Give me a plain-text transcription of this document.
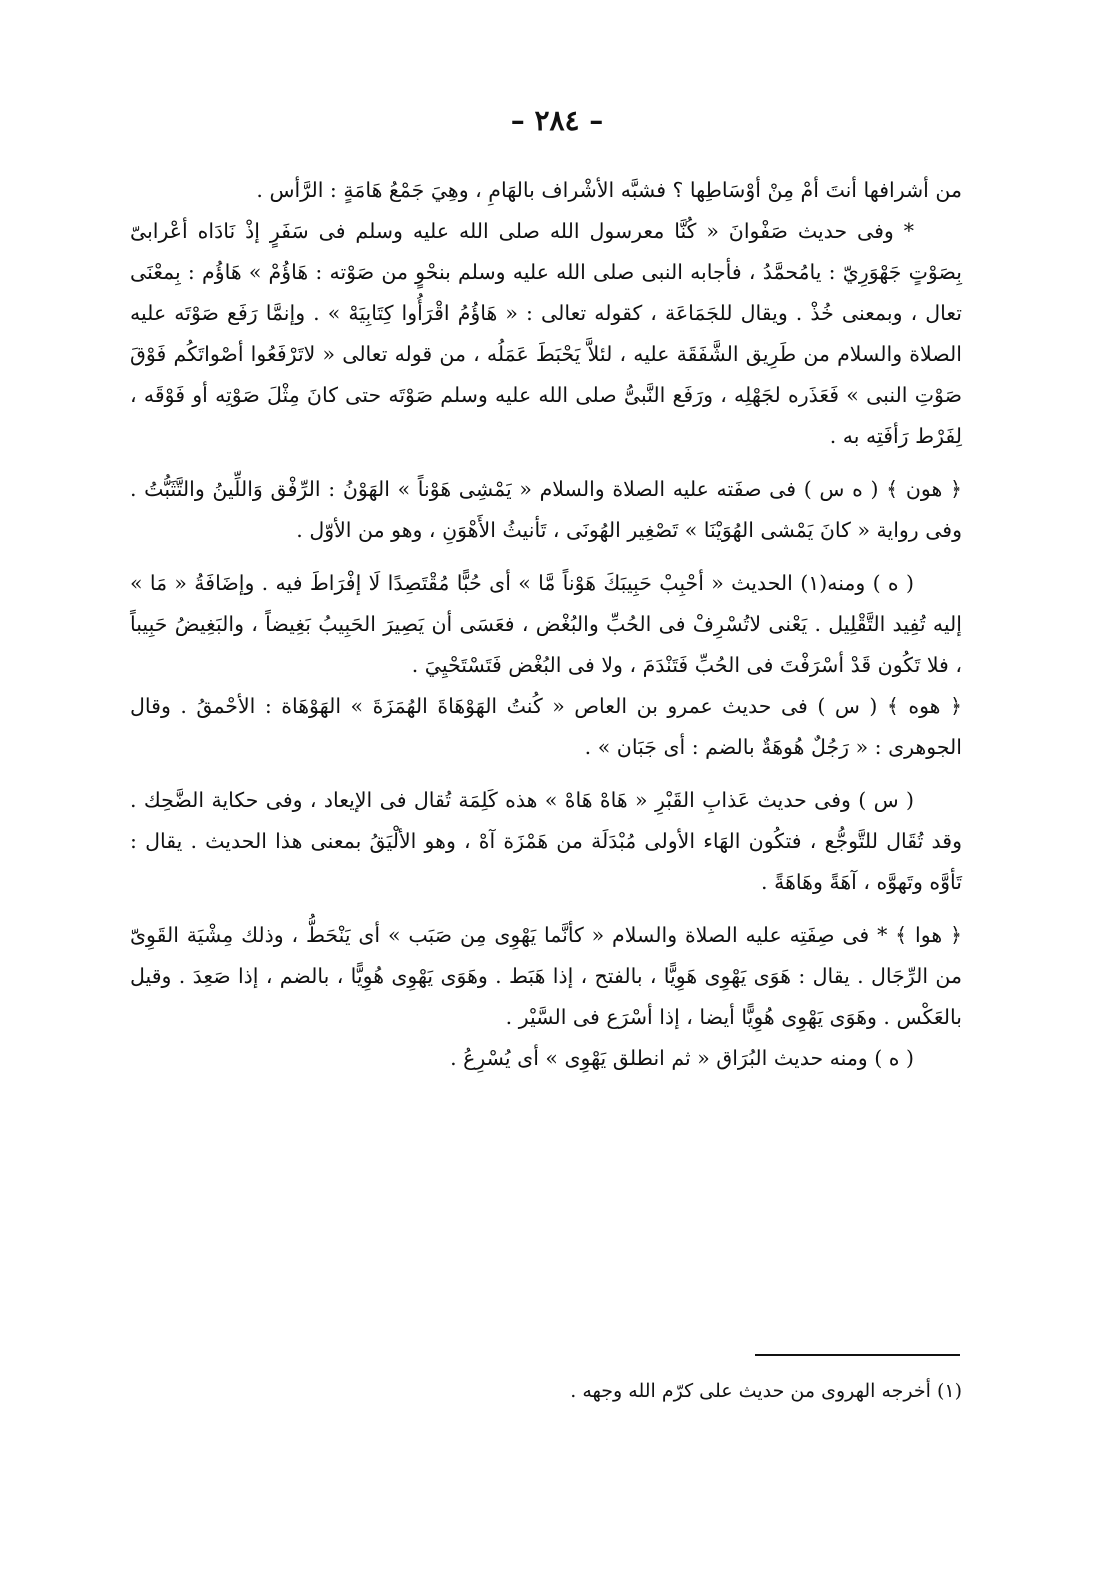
– ٢٨٤ –

من أشرافها أنتَ أمْ مِنْ أوْسَاطِها ؟ فشبَّه الأشْراف بالهَامِ ، وهِيَ جَمْعُ هَامَةٍ : الرَّأس .

* وفى حديث صَفْوانَ « كُنَّا معرسول الله صلى الله عليه وسلم فى سَفَرٍ إذْ نَادَاه أعْرابىّ بِصَوْتٍ جَهْوَرِيّ : يامُحمَّدُ ، فأجابه النبى صلى الله عليه وسلم بنحْوٍ من صَوْته : هَاؤُمْ » هَاؤُم : بِمعْنَى تعال ، وبمعنى خُذْ . ويقال للجَمَاعَة ، كقوله تعالى : « هَاؤُمُ اقْرَأُوا كِتَابِيَهْ » . وإنمَّا رَفَع صَوْتَه عليه الصلاة والسلام من طَرِيق الشَّفَقَة عليه ، لئلاَّ يَحْبَطَ عَمَلُه ، من قوله تعالى « لاتَرْفَعُوا أصْواتَكُم فَوْقَ صَوْتِ النبى » فَعَذَره لجَهْلِه ، ورَفَع النَّبىُّ صلى الله عليه وسلم صَوْتَه حتى كانَ مِثْلَ صَوْتِه أو فَوْقَه ، لِفَرْط رَأفَتِه به .

﴿ هون ﴾ ( ه س ) فى صفَته عليه الصلاة والسلام « يَمْشِى هَوْناً » الهَوْنُ : الرِّفْق وَاللِّينُ والتَّثَبُّتُ . وفى رواية « كانَ يَمْشى الهُوَيْنَا » تَصْغِير الهُونَى ، تَأنيثُ الأَهْوَنِ ، وهو من الأوّل .

( ه ) ومنه(١) الحديث « أحْبِبْ حَبِيبَكَ هَوْناً مَّا » أى حُبًّا مُقْتَصِدًا لَا إفْرَاطَ فيه . وإضَافَةُ « مَا » إليه تُفِيد التَّقْلِيل . يَعْنى لاتُسْرِفْ فى الحُبِّ والبُغْض ، فعَسَى أن يَصِيرَ الحَبِيبُ بَغِيضاً ، والبَغِيضُ حَبِيباً ، فلا تَكُون قَدْ أسْرَفْتَ فى الحُبِّ فَتَنْدَمَ ، ولا فى البُغْض فَتَسْتَحْيِيَ .

﴿ هوه ﴾ ( س ) فى حديث عمرو بن العاص « كُنتُ الهَوْهَاةَ الهُمَزَةَ » الهَوْهَاة : الأحْمقُ . وقال الجوهرى : « رَجُلٌ هُوهَةٌ بالضم : أى جَبَان » .

( س ) وفى حديث عَذابِ القَبْرِ « هَاهْ هَاهْ » هذه كَلِمَة تُقال فى الإيعاد ، وفى حكاية الضَّحِك . وقد تُقَال للتَّوجُّع ، فتكُون الهَاء الأولى مُبْدَلَة من هَمْزَة آهْ ، وهو الألْيَقُ بمعنى هذا الحديث . يقال : تَأوَّه وتَهوَّه ، آهَةً وهَاهَةً .

﴿ هوا ﴾ * فى صِفَتِه عليه الصلاة والسلام « كأنَّما يَهْوِى مِن صَبَب » أى يَنْحَطُّ ، وذلك مِشْيَة القَوِىّ من الرِّجَال . يقال : هَوَى يَهْوِى هَوِيًّا ، بالفتح ، إذا هَبَط . وهَوَى يَهْوِى هُوِيًّا ، بالضم ، إذا صَعِدَ . وقيل بالعَكْس . وهَوَى يَهْوِى هُوِيًّا أيضا ، إذا أسْرَع فى السَّيْر .

( ه ) ومنه حديث البُرَاق « ثم انطلق يَهْوِى » أى يُسْرِعُ .

(١) أخرجه الهروى من حديث على كرّم الله وجهه .
